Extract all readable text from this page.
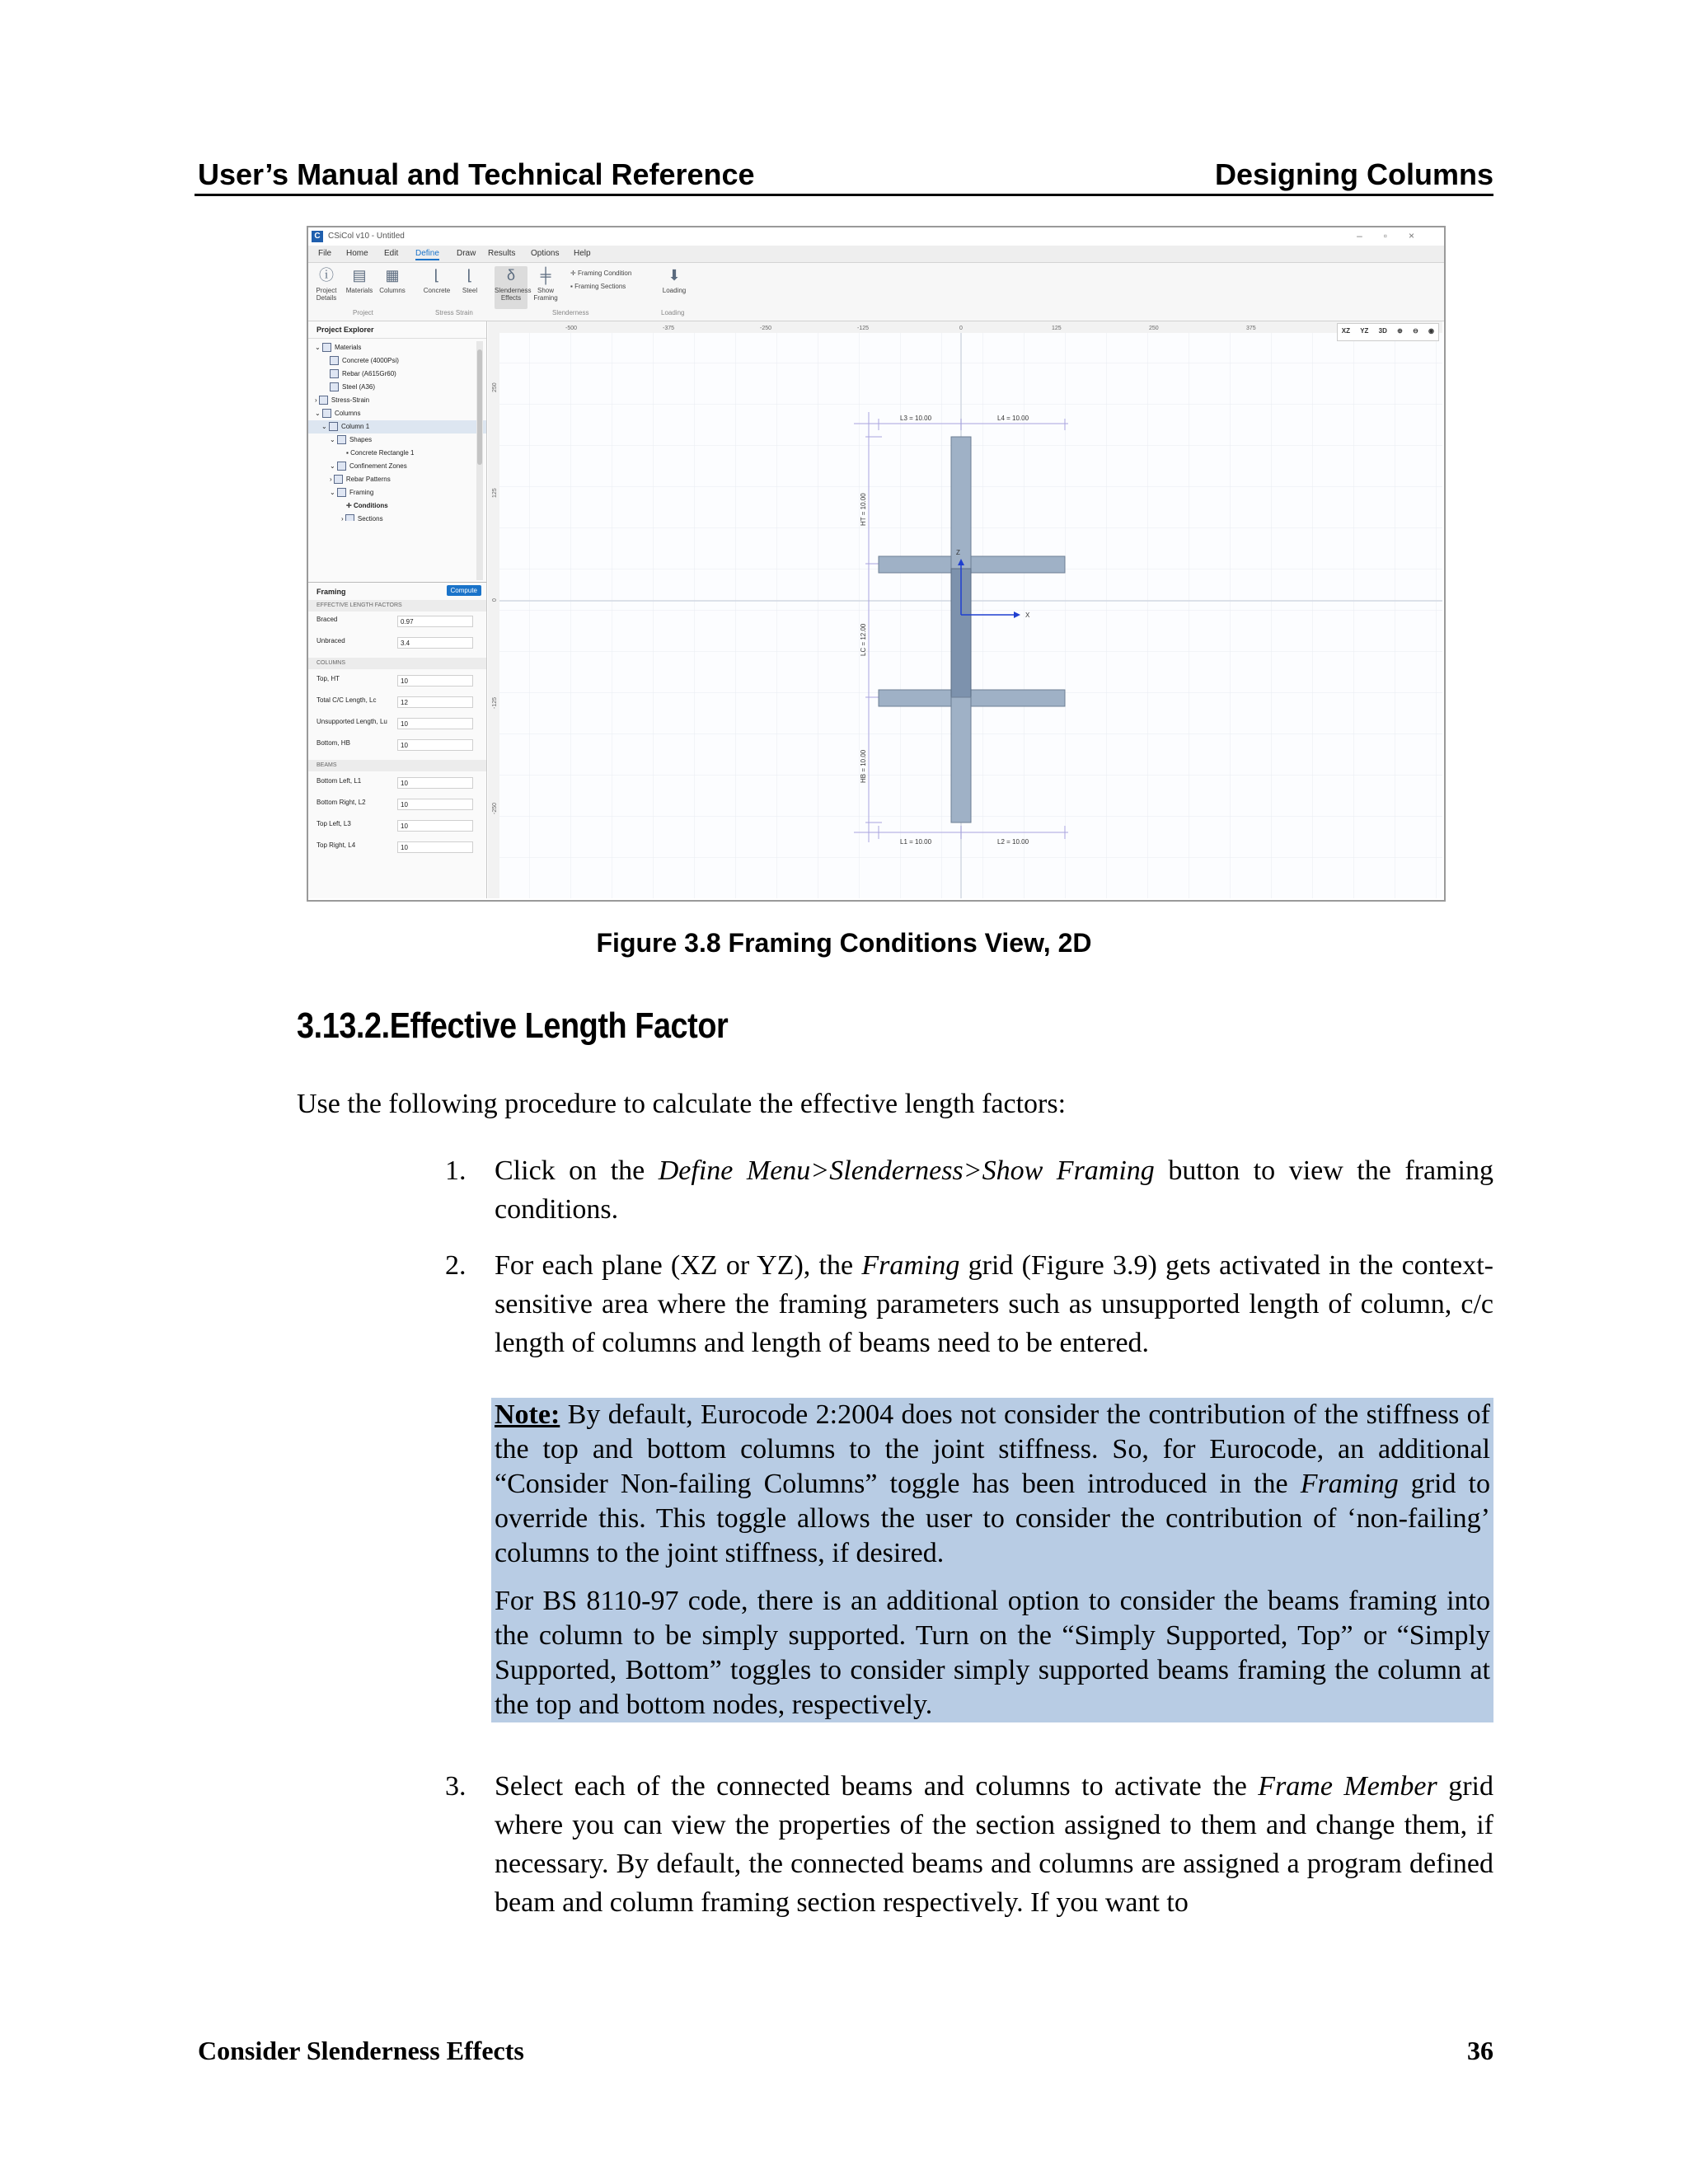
User’s Manual and Technical Reference	Designing Columns
C CSiCol v10 - Untitled	–▫×
File Home Edit Define Draw Results Options Help
ⓘ
Project Details
▤
Materials
▦
Columns
⌊
Concrete
⌊
Steel
δ
Slenderness Effects
╪
Show Framing
✛ Framing Condition
▪ Framing Sections
⬇
Loading
Project	Stress Strain	Slenderness	Loading
Project Explorer
⌄ Materials
Concrete (4000Psi)
Rebar (A615Gr60)
Steel (A36)
› Stress-Strain
⌄ Columns
⌄ Column 1
⌄ Shapes
▪ Concrete Rectangle 1
⌄ Confinement Zones
› Rebar Patterns
⌄ Framing
✛ Conditions
› Sections
Framing	Compute
EFFECTIVE LENGTH FACTORS
Braced	0.97
Unbraced	3.4
COLUMNS
Top, HT	10
Total C/C Length, Lc	12
Unsupported Length, Lu	10
Bottom, HB	10
BEAMS
Bottom Left, L1	10
Bottom Right, L2	10
Top Left, L3	10
Top Right, L4	10
-500	-375	-250	-125	0	125	250	375
250
125
0
-125
-250
Z
X
L3 = 10.00	L4 = 10.00
L1 = 10.00	L2 = 10.00
HT = 10.00
LC = 12.00
HB = 10.00
XZ YZ 3D ⊕ ⊖ ◉
Figure 3.8 Framing Conditions View, 2D
3.13.2.Effective Length Factor
Use the following procedure to calculate the effective length factors:
1. Click on the Define Menu>Slenderness>Show Framing button to view the framing conditions.
2. For each plane (XZ or YZ), the Framing grid (Figure 3.9) gets activated in the context-sensitive area where the framing parameters such as unsupported length of column, c/c length of columns and length of beams need to be entered.
Note: By default, Eurocode 2:2004 does not consider the contribution of the stiffness of the top and bottom columns to the joint stiffness. So, for Eurocode, an additional “Consider Non-failing Columns” toggle has been introduced in the Framing grid to override this. This toggle allows the user to consider the contribution of ‘non-failing’ columns to the joint stiffness, if desired.
For BS 8110-97 code, there is an additional option to consider the beams framing into the column to be simply supported. Turn on the “Simply Supported, Top” or “Simply Supported, Bottom” toggles to consider simply supported beams framing the column at the top and bottom nodes, respectively.
3. Select each of the connected beams and columns to activate the Frame Member grid where you can view the properties of the section assigned to them and change them, if necessary. By default, the connected beams and columns are assigned a program defined beam and column framing section respectively. If you want to
Consider Slenderness Effects	36
